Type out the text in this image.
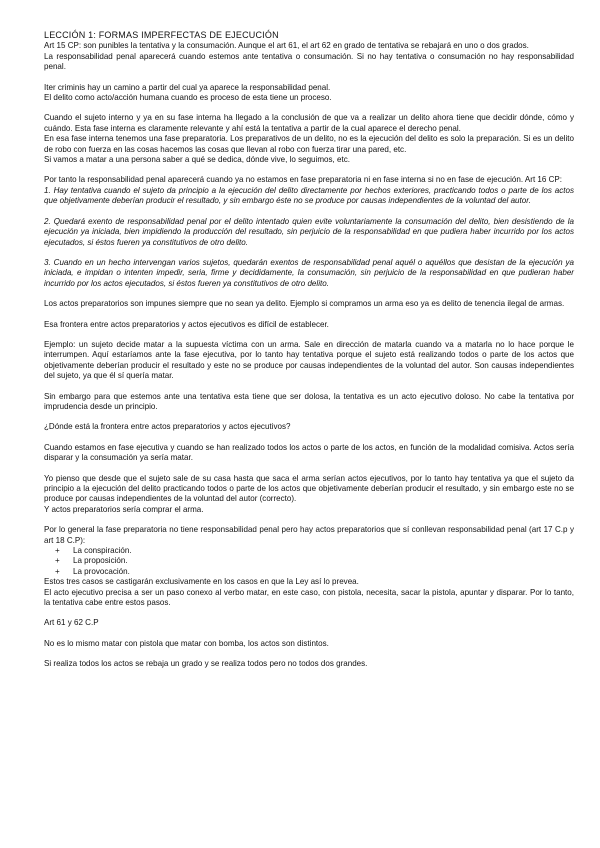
LECCIÓN 1: FORMAS IMPERFECTAS DE EJECUCIÓN

Art 15 CP: son punibles la tentativa y la consumación. Aunque el art 61, el art 62 en grado de tentativa se rebajará en uno o dos grados.

La responsabilidad penal aparecerá cuando estemos ante tentativa o consumación. Si no hay tentativa o consumación no hay responsabilidad penal.

Iter criminis hay un camino a partir del cual ya aparece la responsabilidad penal.

El delito como acto/acción humana cuando es proceso de esta tiene un proceso.

Cuando el sujeto interno y ya en su fase interna ha llegado a la conclusión de que va a realizar un delito ahora tiene que decidir dónde, cómo y cuándo. Esta fase interna es claramente relevante y ahí está la tentativa a partir de la cual aparece el derecho penal.

En esa fase interna tenemos una fase preparatoria. Los preparativos de un delito, no es la ejecución del delito es solo la preparación. Si es un delito de robo con fuerza en las cosas hacemos las cosas que llevan al robo con fuerza tirar una pared, etc.

Si vamos a matar a una persona saber a qué se dedica, dónde vive, lo seguimos, etc.

Por tanto la responsabilidad penal aparecerá cuando ya no estamos en fase preparatoria ni en fase interna si no en fase de ejecución. Art 16 CP:

1. Hay tentativa cuando el sujeto da principio a la ejecución del delito directamente por hechos exteriores, practicando todos o parte de los actos que objetivamente deberían producir el resultado, y sin embargo éste no se produce por causas independientes de la voluntad del autor.

2. Quedará exento de responsabilidad penal por el delito intentado quien evite voluntariamente la consumación del delito, bien desistiendo de la ejecución ya iniciada, bien impidiendo la producción del resultado, sin perjuicio de la responsabilidad en que pudiera haber incurrido por los actos ejecutados, si éstos fueren ya constitutivos de otro delito.

3. Cuando en un hecho intervengan varios sujetos, quedarán exentos de responsabilidad penal aquél o aquéllos que desistan de la ejecución ya iniciada, e impidan o intenten impedir, seria, firme y decididamente, la consumación, sin perjuicio de la responsabilidad en que pudieran haber incurrido por los actos ejecutados, si éstos fueren ya constitutivos de otro delito.

Los actos preparatorios son impunes siempre que no sean ya delito. Ejemplo si compramos un arma eso ya es delito de tenencia ilegal de armas.

Esa frontera entre actos preparatorios y actos ejecutivos es difícil de establecer.

Ejemplo: un sujeto decide matar a la supuesta víctima con un arma. Sale en dirección de matarla cuando va a matarla no lo hace porque le interrumpen. Aquí estaríamos ante la fase ejecutiva, por lo tanto hay tentativa porque el sujeto está realizando todos o parte de los actos que objetivamente deberían producir el resultado y este no se produce por causas independientes de la voluntad del autor. Son causas independientes del sujeto, ya que él sí quería matar.

Sin embargo para que estemos ante una tentativa esta tiene que ser dolosa, la tentativa es un acto ejecutivo doloso. No cabe la tentativa por imprudencia desde un principio.

¿Dónde está la frontera entre actos preparatorios y actos ejecutivos?

Cuando estamos en fase ejecutiva y cuando se han realizado todos los actos o parte de los actos, en función de la modalidad comisiva. Actos sería disparar y la consumación ya sería matar.

Yo pienso que desde que el sujeto sale de su casa hasta que saca el arma serían actos ejecutivos, por lo tanto hay tentativa ya que el sujeto da principio a la ejecución del delito practicando todos o parte de los actos que objetivamente deberían producir el resultado, y sin embargo este no se produce por causas independientes de la voluntad del autor (correcto).

Y actos preparatorios sería comprar el arma.

Por lo general la fase preparatoria no tiene responsabilidad penal pero hay actos preparatorios que sí conllevan responsabilidad penal (art 17 C.p y art 18 C.P):

+ La conspiración.
+ La proposición.
+ La provocación.

Estos tres casos se castigarán exclusivamente en los casos en que la Ley así lo prevea.

El acto ejecutivo precisa a ser un paso conexo al verbo matar, en este caso, con pistola, necesita, sacar la pistola, apuntar y disparar. Por lo tanto, la tentativa cabe entre estos pasos.

Art 61 y 62 C.P

No es lo mismo matar con pistola que matar con bomba, los actos son distintos.

Si realiza todos los actos se rebaja un grado y se realiza todos pero no todos dos grandes.
